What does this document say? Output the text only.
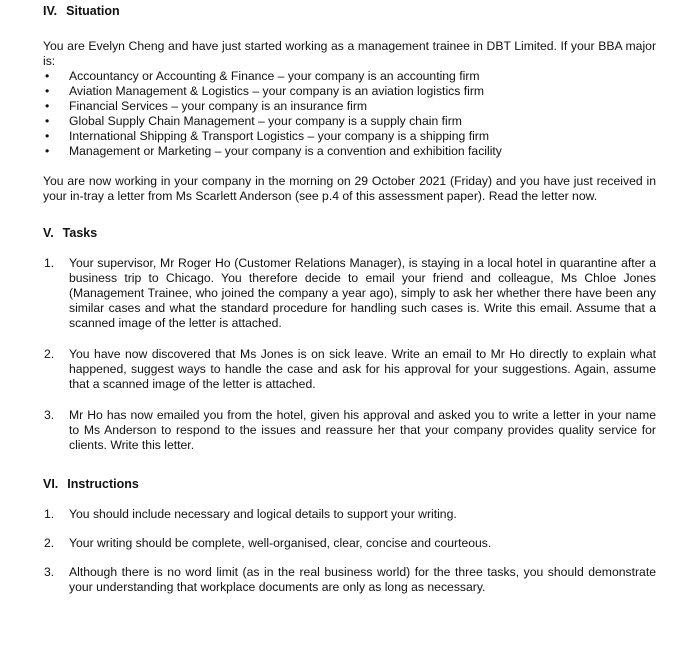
IV. Situation

You are Evelyn Cheng and have just started working as a management trainee in DBT Limited. If your BBA major is:

• Accountancy or Accounting & Finance – your company is an accounting firm
• Aviation Management & Logistics – your company is an aviation logistics firm
• Financial Services – your company is an insurance firm
• Global Supply Chain Management – your company is a supply chain firm
• International Shipping & Transport Logistics – your company is a shipping firm
• Management or Marketing – your company is a convention and exhibition facility

You are now working in your company in the morning on 29 October 2021 (Friday) and you have just received in your in-tray a letter from Ms Scarlett Anderson (see p.4 of this assessment paper). Read the letter now.

V. Tasks
1. Your supervisor, Mr Roger Ho (Customer Relations Manager), is staying in a local hotel in quarantine after a business trip to Chicago. You therefore decide to email your friend and colleague, Ms Chloe Jones (Management Trainee, who joined the company a year ago), simply to ask her whether there have been any similar cases and what the standard procedure for handling such cases is. Write this email. Assume that a scanned image of the letter is attached.
2. You have now discovered that Ms Jones is on sick leave. Write an email to Mr Ho directly to explain what happened, suggest ways to handle the case and ask for his approval for your suggestions. Again, assume that a scanned image of the letter is attached.
3. Mr Ho has now emailed you from the hotel, given his approval and asked you to write a letter in your name to Ms Anderson to respond to the issues and reassure her that your company provides quality service for clients. Write this letter.
VI. Instructions
1. You should include necessary and logical details to support your writing.
2. Your writing should be complete, well-organised, clear, concise and courteous.
3. Although there is no word limit (as in the real business world) for the three tasks, you should demonstrate your understanding that workplace documents are only as long as necessary.
